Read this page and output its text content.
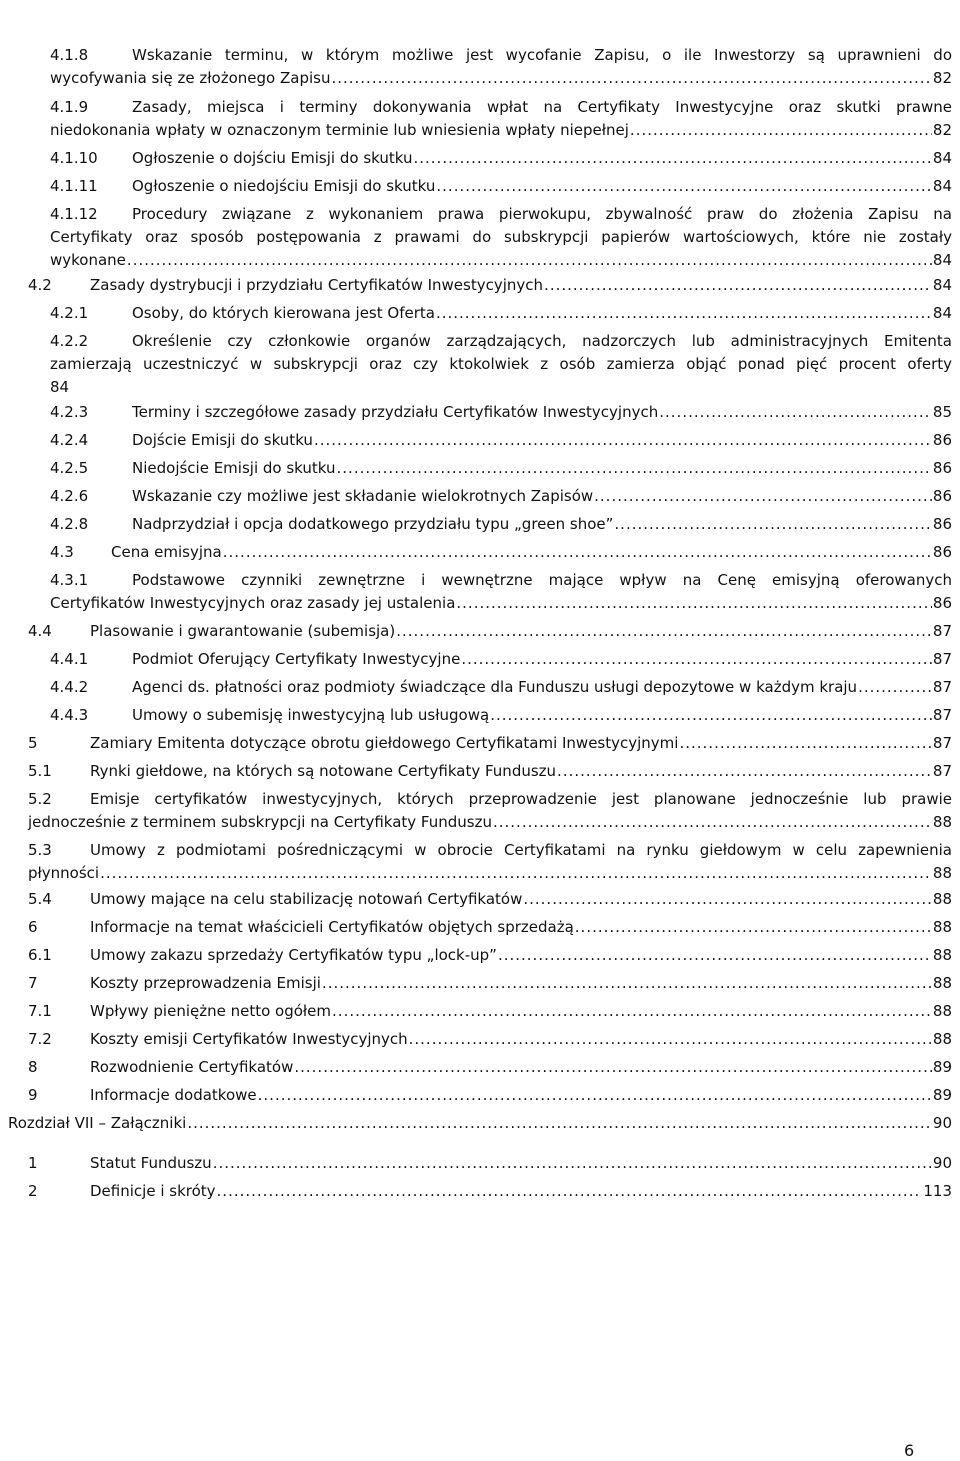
4.1.8	Wskazanie terminu, w którym możliwe jest wycofanie Zapisu, o ile Inwestorzy są uprawnieni do
wycofywania się ze złożonego Zapisu .....	82
4.1.9	Zasady, miejsca i terminy dokonywania wpłat na Certyfikaty Inwestycyjne oraz skutki prawne
niedokonania wpłaty w oznaczonym terminie lub wniesienia wpłaty niepełnej .....	82
4.1.10 Ogłoszenie o dojściu Emisji do skutku .....	84
4.1.11 Ogłoszenie o niedojściu Emisji do skutku .....	84
4.1.12 Procedury związane z wykonaniem prawa pierwokupu, zbywalność praw do złożenia Zapisu na
Certyfikaty oraz sposób postępowania z prawami do subskrypcji papierów wartościowych, które nie zostały
wykonane .....	84
4.2	Zasady dystrybucji i przydziału Certyfikatów Inwestycyjnych .....	84
4.2.1	Osoby, do których kierowana jest Oferta .....	84
4.2.2	Określenie czy członkowie organów zarządzających, nadzorczych lub administracyjnych Emitenta
zamierzają uczestniczyć w subskrypcji oraz czy ktokolwiek z osób zamierza objąć ponad pięć procent oferty
84
4.2.3	Terminy i szczegółowe zasady przydziału Certyfikatów Inwestycyjnych .....	85
4.2.4	Dojście Emisji do skutku .....	86
4.2.5	Niedojście Emisji do skutku .....	86
4.2.6	Wskazanie czy możliwe jest składanie wielokrotnych Zapisów .....	86
4.2.8	Nadprzydział i opcja dodatkowego przydziału typu „green shoe” .....	86
4.3 Cena emisyjna .....	86
4.3.1	Podstawowe czynniki zewnętrzne i wewnętrzne mające wpływ na Cenę emisyjną oferowanych
Certyfikatów Inwestycyjnych oraz zasady jej ustalenia .....	86
4.4	Plasowanie i gwarantowanie (subemisja) .....	87
4.4.1	Podmiot Oferujący Certyfikaty Inwestycyjne .....	87
4.4.2	Agenci ds. płatności oraz podmioty świadczące dla Funduszu usługi depozytowe w każdym kraju .....	87
4.4.3	Umowy o subemisję inwestycyjną lub usługową .....	87
5	Zamiary Emitenta dotyczące obrotu giełdowego Certyfikatami Inwestycyjnymi .....	87
5.1	Rynki giełdowe, na których są notowane Certyfikaty Funduszu .....	87
5.2	Emisje certyfikatów inwestycyjnych, których przeprowadzenie jest planowane jednocześnie lub prawie
jednocześnie z terminem subskrypcji na Certyfikaty Funduszu .....	88
5.3	Umowy z podmiotami pośredniczącymi w obrocie Certyfikatami na rynku giełdowym w celu zapewnienia
płynności .....	88
5.4	Umowy mające na celu stabilizację notowań Certyfikatów .....	88
6	Informacje na temat właścicieli Certyfikatów objętych sprzedażą .....	88
6.1	Umowy zakazu sprzedaży Certyfikatów typu „lock-up” .....	88
7	Koszty przeprowadzenia Emisji .....	88
7.1	Wpływy pieniężne netto ogółem .....	88
7.2	Koszty emisji Certyfikatów Inwestycyjnych .....	88
8	Rozwodnienie Certyfikatów .....	89
9	Informacje dodatkowe .....	89
Rozdział VII – Załączniki .....	90
1	Statut Funduszu .....	90
2	Definicje i skróty .....	113
6
